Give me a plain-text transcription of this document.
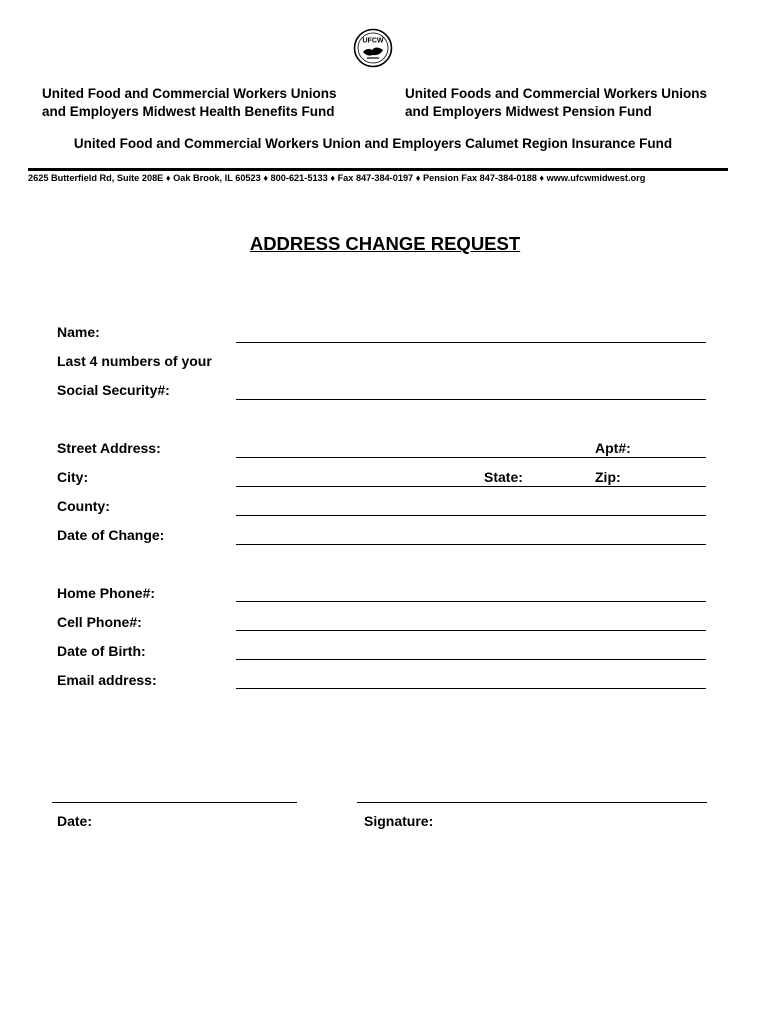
UFCW
United Food and Commercial Workers Unions
and Employers Midwest Health Benefits Fund
United Foods and Commercial Workers Unions
and Employers Midwest Pension Fund
United Food and Commercial Workers Union and Employers Calumet Region Insurance Fund
2625 Butterfield Rd, Suite 208E ♦ Oak Brook, IL 60523 ♦ 800-621-5133 ♦ Fax 847-384-0197 ♦ Pension Fax 847-384-0188 ♦ www.ufcwmidwest.org
ADDRESS CHANGE REQUEST
Name:
Last 4 numbers of your
Social Security#:
Street Address:	Apt#:
City:	State:	Zip:
County:
Date of Change:
Home Phone#:
Cell Phone#:
Date of Birth:
Email address:
Date:	Signature:
